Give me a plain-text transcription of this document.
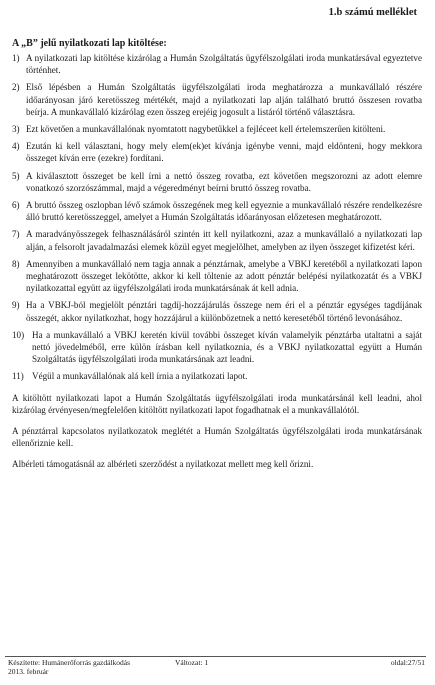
1.b számú melléklet
A „B” jelű nyilatkozati lap kitöltése:
1) A nyilatkozati lap kitöltése kizárólag a Humán Szolgáltatás ügyfélszolgálati iroda munkatársával egyeztetve történhet.
2) Első lépésben a Humán Szolgáltatás ügyfélszolgálati iroda meghatározza a munkavállaló részére időarányosan járó keretösszeg mértékét, majd a nyilatkozati lap alján található bruttó összesen rovatba beírja. A munkavállaló kizárólag ezen összeg erejéig jogosult a listáról történő választásra.
3) Ezt követően a munkavállalónak nyomtatott nagybetűkkel a fejléceet kell értelemszerűen kitölteni.
4) Ezután ki kell választani, hogy mely elem(ek)et kívánja igénybe venni, majd eldönteni, hogy mekkora összeget kíván erre (ezekre) fordítani.
5) A kiválasztott összeget be kell írni a nettó összeg rovatba, ezt követően megszorozni az adott elemre vonatkozó szorzószámmal, majd a végeredményt beírni bruttó összeg rovatba.
6) A bruttó összeg oszlopban lévő számok összegének meg kell egyeznie a munkavállaló részére rendelkezésre álló bruttó keretösszeggel, amelyet a Humán Szolgáltatás időarányosan előzetesen meghatározott.
7) A maradványösszegek felhasználásáról szintén itt kell nyilatkozni, azaz a munkavállaló a nyilatkozati lap alján, a felsorolt javadalmazási elemek közül egyet megjelölhet, amelyben az ilyen összeget kifizetést kéri.
8) Amennyiben a munkavállaló nem tagja annak a pénztárnak, amelybe a VBKJ keretéből a nyilatkozati lapon meghatározott összeget lekötötte, akkor ki kell töltenie az adott pénztár belépési nyilatkozatát és a VBKJ nyilatkozattal együtt az ügyfélszolgálati iroda munkatársának át kell adnia.
9) Ha a VBKJ-ból megjelölt pénztári tagdíj-hozzájárulás összege nem éri el a pénztár egységes tagdíjának összegét, akkor nyilatkozhat, hogy hozzájárul a különbözetnek a nettó keresetéből történő levonásához.
10) Ha a munkavállaló a VBKJ keretén kívül további összeget kíván valamelyik pénztárba utaltatni a saját nettó jövedelméből, erre külön írásban kell nyilatkoznia, és a VBKJ nyilatkozattal együtt a Humán Szolgáltatás ügyfélszolgálati iroda munkatársának azt leadni.
11) Végül a munkavállalónak alá kell írnia a nyilatkozati lapot.
A kitöltött nyilatkozati lapot a Humán Szolgáltatás ügyfélszolgálati iroda munkatársánál kell leadni, ahol kizárólag érvényesen/megfelelően kitöltött nyilatkozati lapot fogadhatnak el a munkavállalótól.
A pénztárral kapcsolatos nyilatkozatok meglétét a Humán Szolgáltatás ügyfélszolgálati iroda munkatársának ellenőriznie kell.
Albérleti támogatásnál az albérleti szerződést a nyilatkozat mellett meg kell őrizni.
Készítette: Humánerőforrás gazdálkodás
2013. február
Változat: 1	oldal:27/51
